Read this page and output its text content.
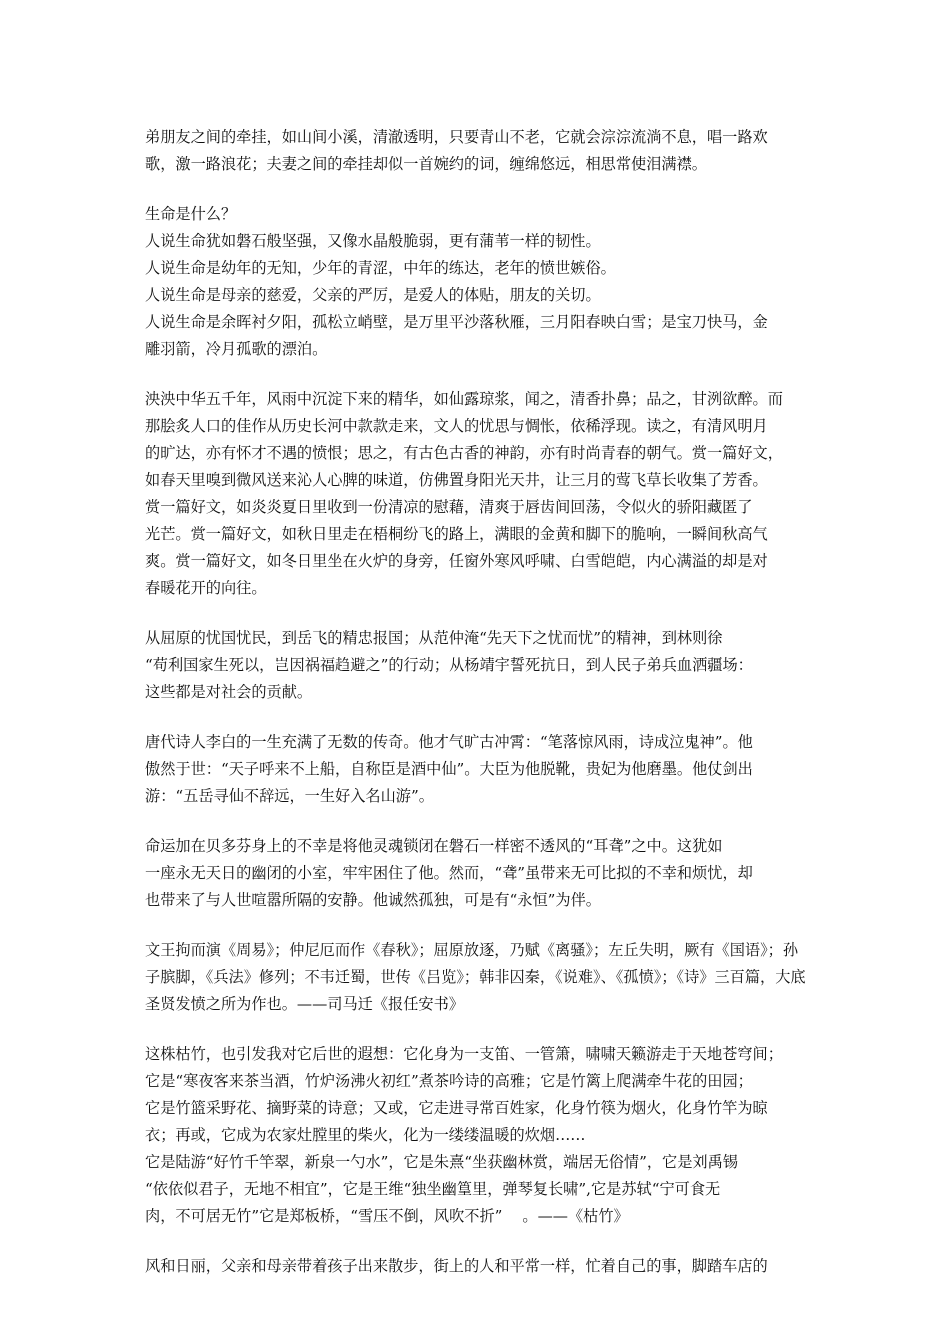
弟朋友之间的牵挂，如山间小溪，清澈透明，只要青山不老，它就会淙淙流淌不息，唱一路欢
歌，激一路浪花；夫妻之间的牵挂却似一首婉约的词，缠绵悠远，相思常使泪满襟。
生命是什么？
人说生命犹如磐石般坚强，又像水晶般脆弱，更有蒲苇一样的韧性。
人说生命是幼年的无知，少年的青涩，中年的练达，老年的愤世嫉俗。
人说生命是母亲的慈爱，父亲的严厉，是爱人的体贴，朋友的关切。
人说生命是余晖衬夕阳，孤松立峭壁，是万里平沙落秋雁，三月阳春映白雪；是宝刀快马，金
雕羽箭，冷月孤歌的漂泊。
泱泱中华五千年，风雨中沉淀下来的精华，如仙露琼浆，闻之，清香扑鼻；品之，甘洌欲醉。而
那脍炙人口的佳作从历史长河中款款走来，文人的忧思与惆怅，依稀浮现。读之，有清风明月
的旷达，亦有怀才不遇的愤恨；思之，有古色古香的神韵，亦有时尚青春的朝气。赏一篇好文，
如春天里嗅到微风送来沁人心脾的味道，仿佛置身阳光天井，让三月的莺飞草长收集了芳香。
赏一篇好文，如炎炎夏日里收到一份清凉的慰藉，清爽于唇齿间回荡，令似火的骄阳藏匿了
光芒。赏一篇好文，如秋日里走在梧桐纷飞的路上，满眼的金黄和脚下的脆响，一瞬间秋高气
爽。赏一篇好文，如冬日里坐在火炉的身旁，任窗外寒风呼啸、白雪皑皑，内心满溢的却是对
春暖花开的向往。
从屈原的忧国忧民，到岳飞的精忠报国；从范仲淹“先天下之忧而忧”的精神，到林则徐
“苟利国家生死以，岂因祸福趋避之”的行动；从杨靖宇誓死抗日，到人民子弟兵血洒疆场：
这些都是对社会的贡献。
唐代诗人李白的一生充满了无数的传奇。他才气旷古冲霄：“笔落惊风雨，诗成泣鬼神”。他
傲然于世：“天子呼来不上船，自称臣是酒中仙”。大臣为他脱靴，贵妃为他磨墨。他仗剑出
游：“五岳寻仙不辞远，一生好入名山游”。
命运加在贝多芬身上的不幸是将他灵魂锁闭在磐石一样密不透风的“耳聋”之中。这犹如
一座永无天日的幽闭的小室，牢牢困住了他。然而，“聋”虽带来无可比拟的不幸和烦忧，却
也带来了与人世喧嚣所隔的安静。他诚然孤独，可是有“永恒”为伴。
文王拘而演《周易》；仲尼厄而作《春秋》；屈原放逐，乃赋《离骚》；左丘失明，厥有《国语》；孙
子膑脚，《兵法》修列；不韦迁蜀，世传《吕览》；韩非囚秦，《说难》、《孤愤》；《诗》三百篇，大底
圣贤发愤之所为作也。——司马迁《报任安书》
这株枯竹，也引发我对它后世的遐想：它化身为一支笛、一管箫，啸啸天籁游走于天地苍穹间；
它是“寒夜客来茶当酒，竹炉汤沸火初红”煮茶吟诗的高雅；它是竹篱上爬满牵牛花的田园；
它是竹篮采野花、摘野菜的诗意；又或，它走进寻常百姓家，化身竹筷为烟火，化身竹竿为晾
衣；再或，它成为农家灶膛里的柴火，化为一缕缕温暖的炊烟……
它是陆游“好竹千竿翠，新泉一勺水”，它是朱熹“坐获幽林赏，端居无俗情”，它是刘禹锡
“依依似君子，无地不相宜”，它是王维“独坐幽篁里，弹琴复长啸”,它是苏轼“宁可食无
肉，不可居无竹”它是郑板桥，“雪压不倒，风吹不折”　 。——《枯竹》
风和日丽，父亲和母亲带着孩子出来散步，街上的人和平常一样，忙着自己的事，脚踏车店的
